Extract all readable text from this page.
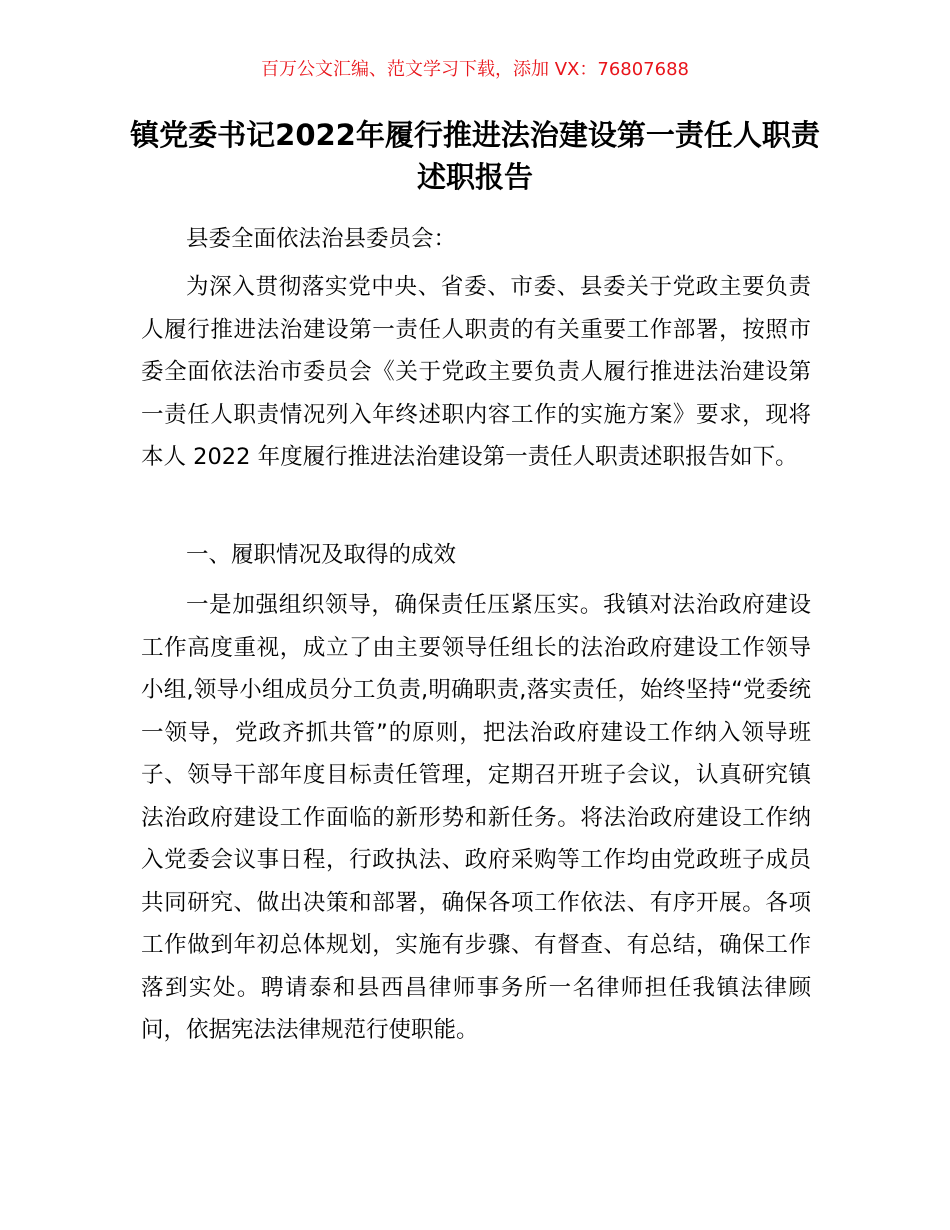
百万公文汇编、范文学习下载，添加 VX：76807688
镇党委书记2022年履行推进法治建设第一责任人职责述职报告
县委全面依法治县委员会：
为深入贯彻落实党中央、省委、市委、县委关于党政主要负责人履行推进法治建设第一责任人职责的有关重要工作部署，按照市委全面依法治市委员会《关于党政主要负责人履行推进法治建设第一责任人职责情况列入年终述职内容工作的实施方案》要求，现将本人 2022 年度履行推进法治建设第一责任人职责述职报告如下。
一、履职情况及取得的成效
一是加强组织领导，确保责任压紧压实。我镇对法治政府建设工作高度重视，成立了由主要领导任组长的法治政府建设工作领导小组,领导小组成员分工负责,明确职责,落实责任，始终坚持“党委统一领导，党政齐抓共管”的原则，把法治政府建设工作纳入领导班子、领导干部年度目标责任管理，定期召开班子会议，认真研究镇法治政府建设工作面临的新形势和新任务。将法治政府建设工作纳入党委会议事日程，行政执法、政府采购等工作均由党政班子成员共同研究、做出决策和部署，确保各项工作依法、有序开展。各项工作做到年初总体规划，实施有步骤、有督查、有总结，确保工作落到实处。聘请泰和县西昌律师事务所一名律师担任我镇法律顾问，依据宪法法律规范行使职能。
